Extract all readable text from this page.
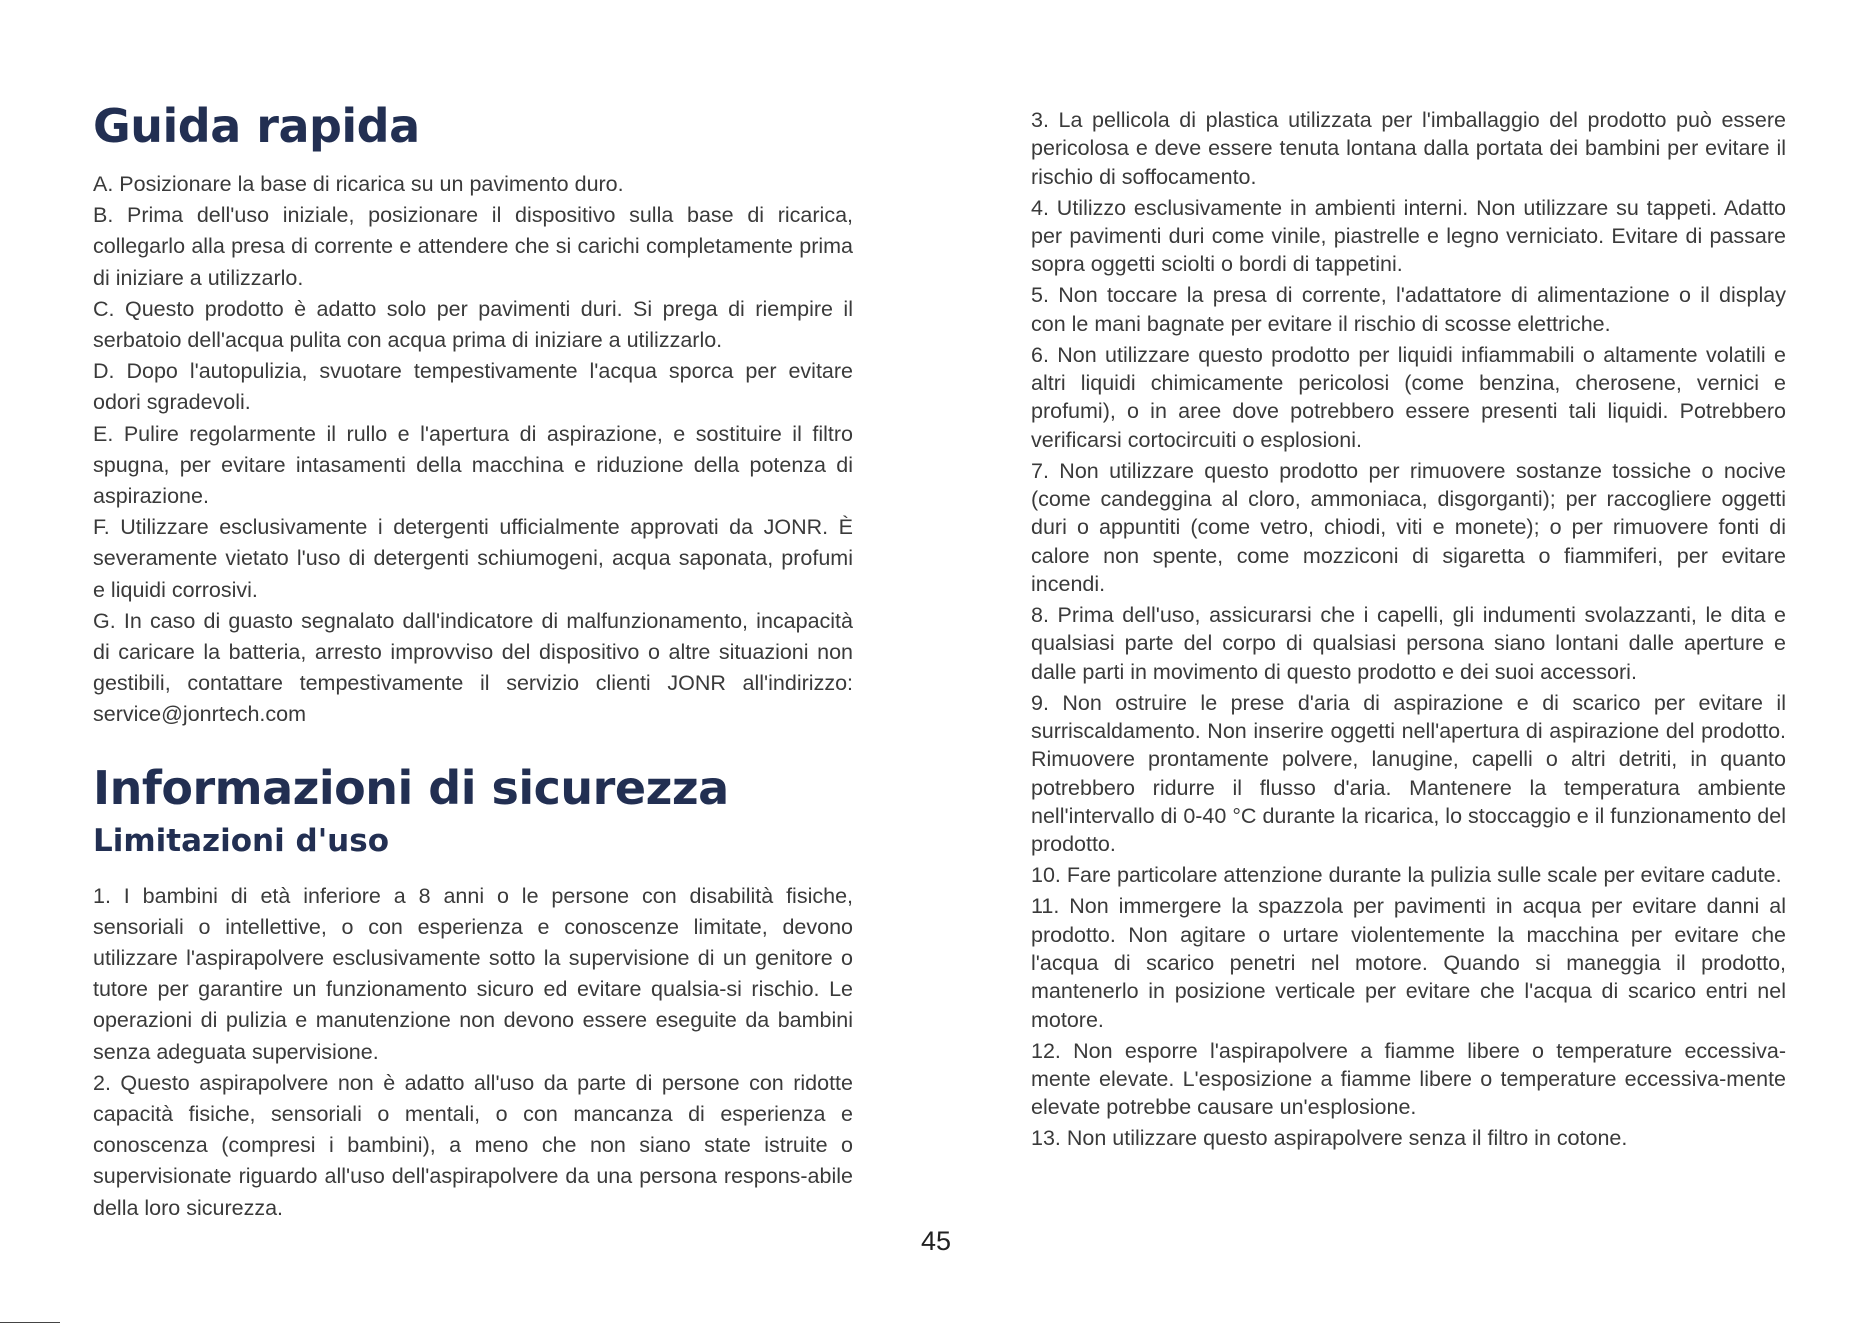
Guida rapida

A. Posizionare la base di ricarica su un pavimento duro.

B. Prima dell'uso iniziale, posizionare il dispositivo sulla base di ricarica, collegarlo alla presa di corrente e attendere che si carichi completamente prima di iniziare a utilizzarlo.

C. Questo prodotto è adatto solo per pavimenti duri. Si prega di riempire il serbatoio dell'acqua pulita con acqua prima di iniziare a utilizzarlo.

D. Dopo l'autopulizia, svuotare tempestivamente l'acqua sporca per evitare odori sgradevoli.

E. Pulire regolarmente il rullo e l'apertura di aspirazione, e sostituire il filtro spugna, per evitare intasamenti della macchina e riduzione della potenza di aspirazione.

F. Utilizzare esclusivamente i detergenti ufficialmente approvati da JONR. È severamente vietato l'uso di detergenti schiumogeni, acqua saponata, profumi e liquidi corrosivi.

G. In caso di guasto segnalato dall'indicatore di malfunzionamento, incapacità di caricare la batteria, arresto improvviso del dispositivo o altre situazioni non gestibili, contattare tempestivamente il servizio clienti JONR all'indirizzo: service@jonrtech.com

Informazioni di sicurezza
Limitazioni d'uso

1. I bambini di età inferiore a 8 anni o le persone con disabilità fisiche, sensoriali o intellettive, o con esperienza e conoscenze limitate, devono utilizzare l'aspirapolvere esclusivamente sotto la supervisione di un genitore o tutore per garantire un funzionamento sicuro ed evitare qualsia-si rischio. Le operazioni di pulizia e manutenzione non devono essere eseguite da bambini senza adeguata supervisione.

2. Questo aspirapolvere non è adatto all'uso da parte di persone con ridotte capacità fisiche, sensoriali o mentali, o con mancanza di esperienza e conoscenza (compresi i bambini), a meno che non siano state istruite o supervisionate riguardo all'uso dell'aspirapolvere da una persona respons-abile della loro sicurezza.

3. La pellicola di plastica utilizzata per l'imballaggio del prodotto può essere pericolosa e deve essere tenuta lontana dalla portata dei bambini per evitare il rischio di soffocamento.

4. Utilizzo esclusivamente in ambienti interni. Non utilizzare su tappeti. Adatto per pavimenti duri come vinile, piastrelle e legno verniciato. Evitare di passare sopra oggetti sciolti o bordi di tappetini.

5. Non toccare la presa di corrente, l'adattatore di alimentazione o il display con le mani bagnate per evitare il rischio di scosse elettriche.

6. Non utilizzare questo prodotto per liquidi infiammabili o altamente volatili e altri liquidi chimicamente pericolosi (come benzina, cherosene, vernici e profumi), o in aree dove potrebbero essere presenti tali liquidi. Potrebbero verificarsi cortocircuiti o esplosioni.

7. Non utilizzare questo prodotto per rimuovere sostanze tossiche o nocive (come candeggina al cloro, ammoniaca, disgorganti); per raccogliere oggetti duri o appuntiti (come vetro, chiodi, viti e monete); o per rimuovere fonti di calore non spente, come mozziconi di sigaretta o fiammiferi, per evitare incendi.

8. Prima dell'uso, assicurarsi che i capelli, gli indumenti svolazzanti, le dita e qualsiasi parte del corpo di qualsiasi persona siano lontani dalle aperture e dalle parti in movimento di questo prodotto e dei suoi accessori.

9. Non ostruire le prese d'aria di aspirazione e di scarico per evitare il surriscaldamento. Non inserire oggetti nell'apertura di aspirazione del prodotto. Rimuovere prontamente polvere, lanugine, capelli o altri detriti, in quanto potrebbero ridurre il flusso d'aria. Mantenere la temperatura ambiente nell'intervallo di 0-40 °C durante la ricarica, lo stoccaggio e il funzionamento del prodotto.

10. Fare particolare attenzione durante la pulizia sulle scale per evitare cadute.

11. Non immergere la spazzola per pavimenti in acqua per evitare danni al prodotto. Non agitare o urtare violentemente la macchina per evitare che l'acqua di scarico penetri nel motore. Quando si maneggia il prodotto, mantenerlo in posizione verticale per evitare che l'acqua di scarico entri nel motore.

12. Non esporre l'aspirapolvere a fiamme libere o temperature eccessiva-mente elevate. L'esposizione a fiamme libere o temperature eccessiva-mente elevate potrebbe causare un'esplosione.

13. Non utilizzare questo aspirapolvere senza il filtro in cotone.

45
